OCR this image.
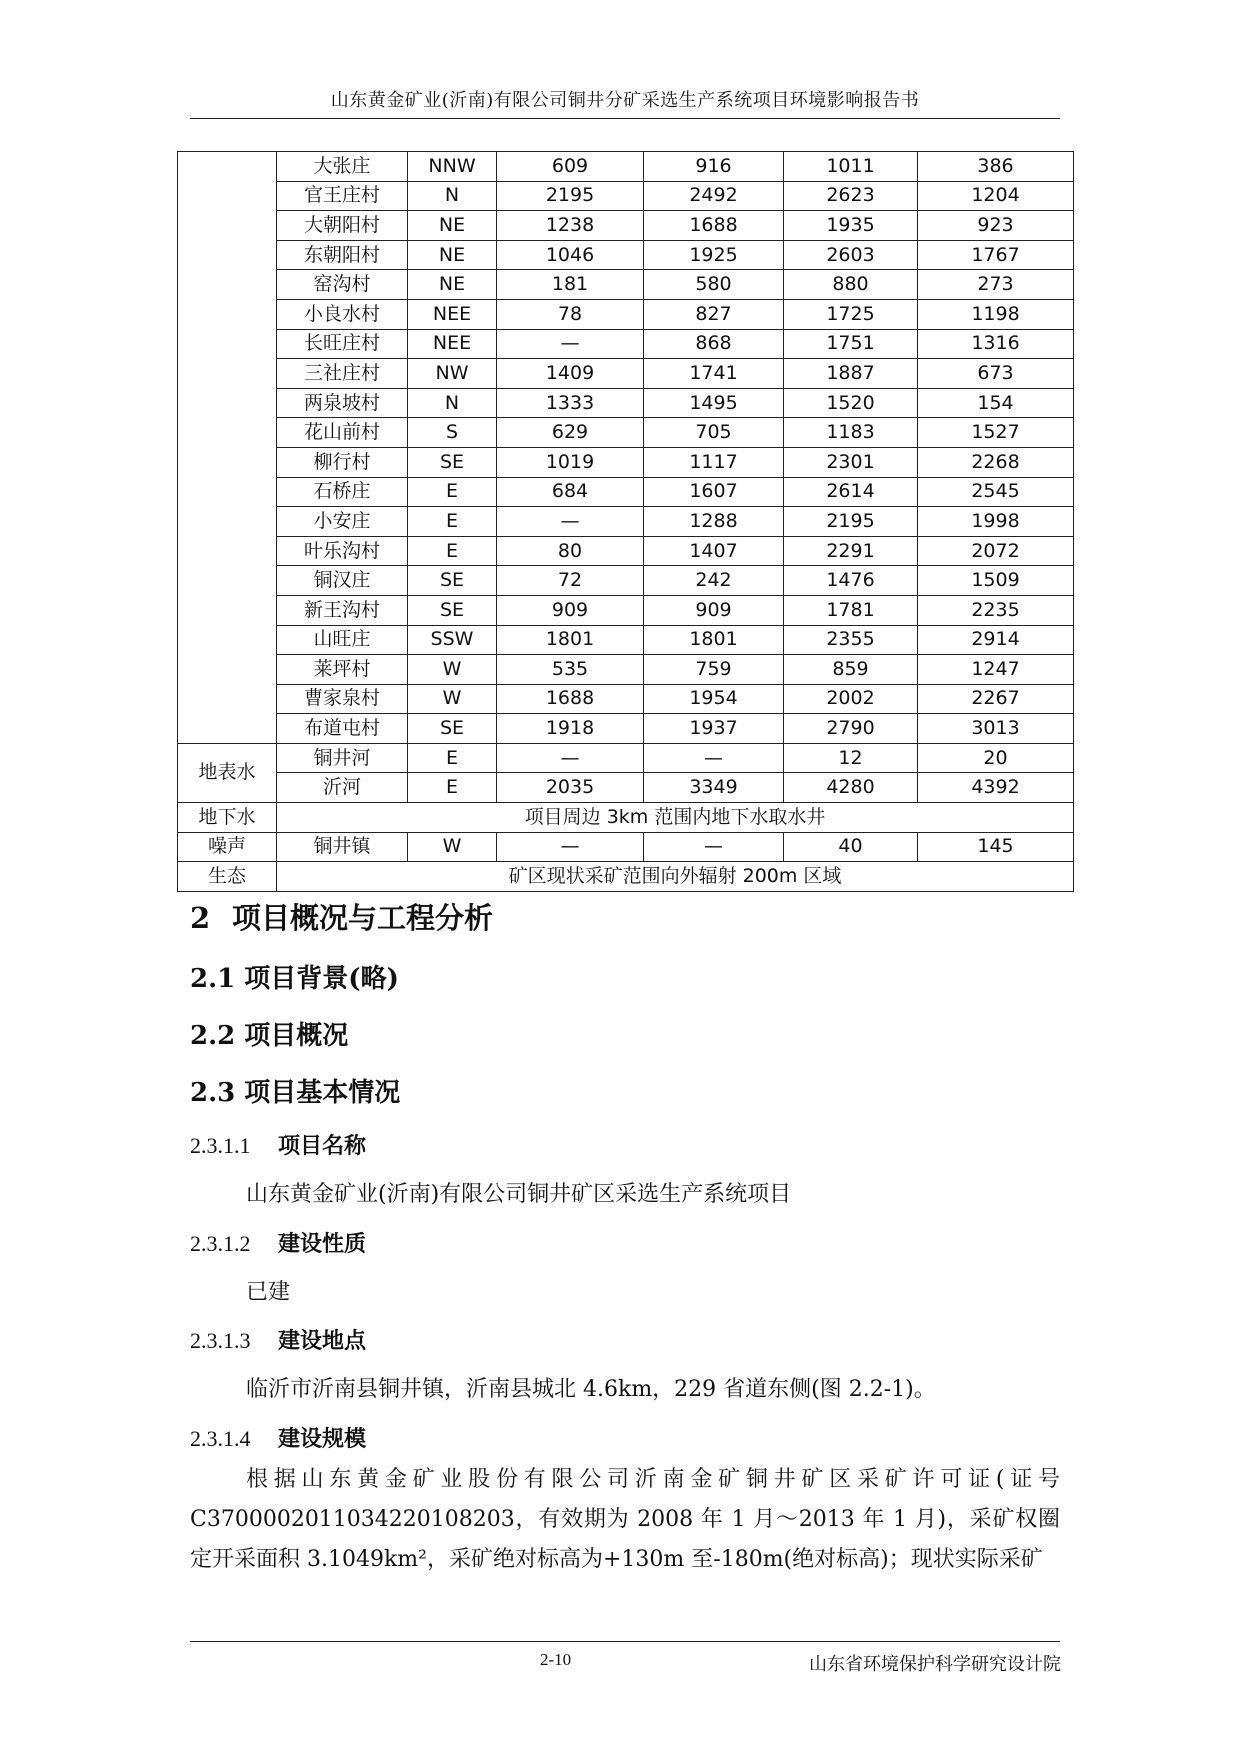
山东黄金矿业(沂南)有限公司铜井分矿采选生产系统项目环境影响报告书
	大张庄	NNW	609	916	1011	386
	官王庄村	N	2195	2492	2623	1204
	大朝阳村	NE	1238	1688	1935	923
	东朝阳村	NE	1046	1925	2603	1767
	窑沟村	NE	181	580	880	273
	小良水村	NEE	78	827	1725	1198
	长旺庄村	NEE	—	868	1751	1316
	三社庄村	NW	1409	1741	1887	673
	两泉坡村	N	1333	1495	1520	154
	花山前村	S	629	705	1183	1527
	柳行村	SE	1019	1117	2301	2268
	石桥庄	E	684	1607	2614	2545
	小安庄	E	—	1288	2195	1998
	叶乐沟村	E	80	1407	2291	2072
	铜汉庄	SE	72	242	1476	1509
	新王沟村	SE	909	909	1781	2235
	山旺庄	SSW	1801	1801	2355	2914
	莱坪村	W	535	759	859	1247
	曹家泉村	W	1688	1954	2002	2267
	布道屯村	SE	1918	1937	2790	3013
地表水	铜井河	E	—	—	12	20
	沂河	E	2035	3349	4280	4392
地下水	项目周边 3km 范围内地下水取水井					
噪声	铜井镇	W	—	—	40	145
生态	矿区现状采矿范围向外辐射 200m 区域					
2 项目概况与工程分析
2.1 项目背景(略)
2.2 项目概况
2.3 项目基本情况
2.3.1.1 项目名称
山东黄金矿业(沂南)有限公司铜井矿区采选生产系统项目
2.3.1.2 建设性质
已建
2.3.1.3 建设地点
临沂市沂南县铜井镇，沂南县城北 4.6km，229 省道东侧(图 2.2-1)。
2.3.1.4 建设规模
根据山东黄金矿业股份有限公司沂南金矿铜井矿区采矿许可证(证号 C3700002011034220108203，有效期为 2008 年 1 月～2013 年 1 月)，采矿权圈定开采面积 3.1049km²，采矿绝对标高为+130m 至-180m(绝对标高)；现状实际采矿
2-10	山东省环境保护科学研究设计院
